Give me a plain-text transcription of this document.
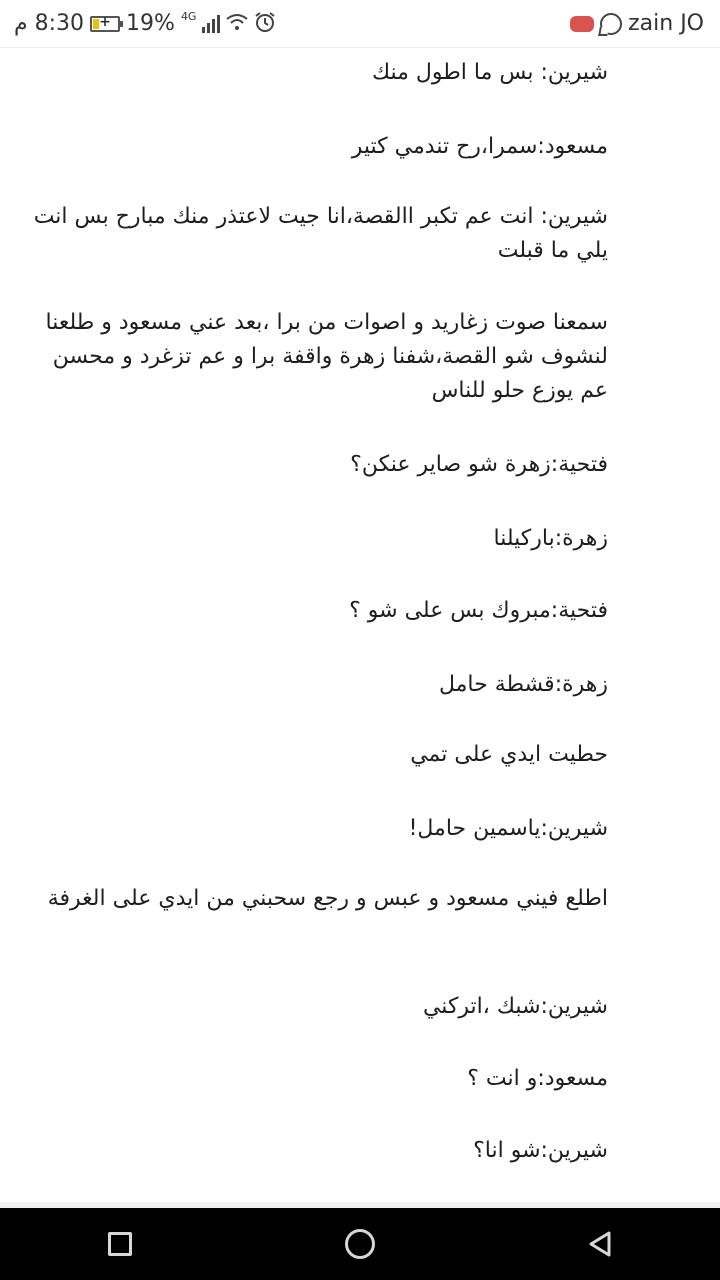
8:30 م	+ 19% 4G	zain JO

شيرين: بس ما اطول منك

مسعود:سمرا،رح تندمي كتير

شيرين: انت عم تكبر االقصة،انا جيت لاعتذر منك مبارح بس انت يلي ما قبلت

سمعنا صوت زغاريد و اصوات من برا ،بعد عني مسعود و طلعنا لنشوف شو القصة،شفنا زهرة واقفة برا و عم تزغرد و محسن عم يوزع حلو للناس

فتحية:زهرة شو صاير عنكن؟

زهرة:باركيلنا

فتحية:مبروك بس على شو ؟

زهرة:قشطة حامل

حطيت ايدي على تمي

شيرين:ياسمين حامل!

اطلع فيني مسعود و عبس و رجع سحبني من ايدي على الغرفة

شيرين:شبك ،اتركني

مسعود:و انت ؟

شيرين:شو انا؟
